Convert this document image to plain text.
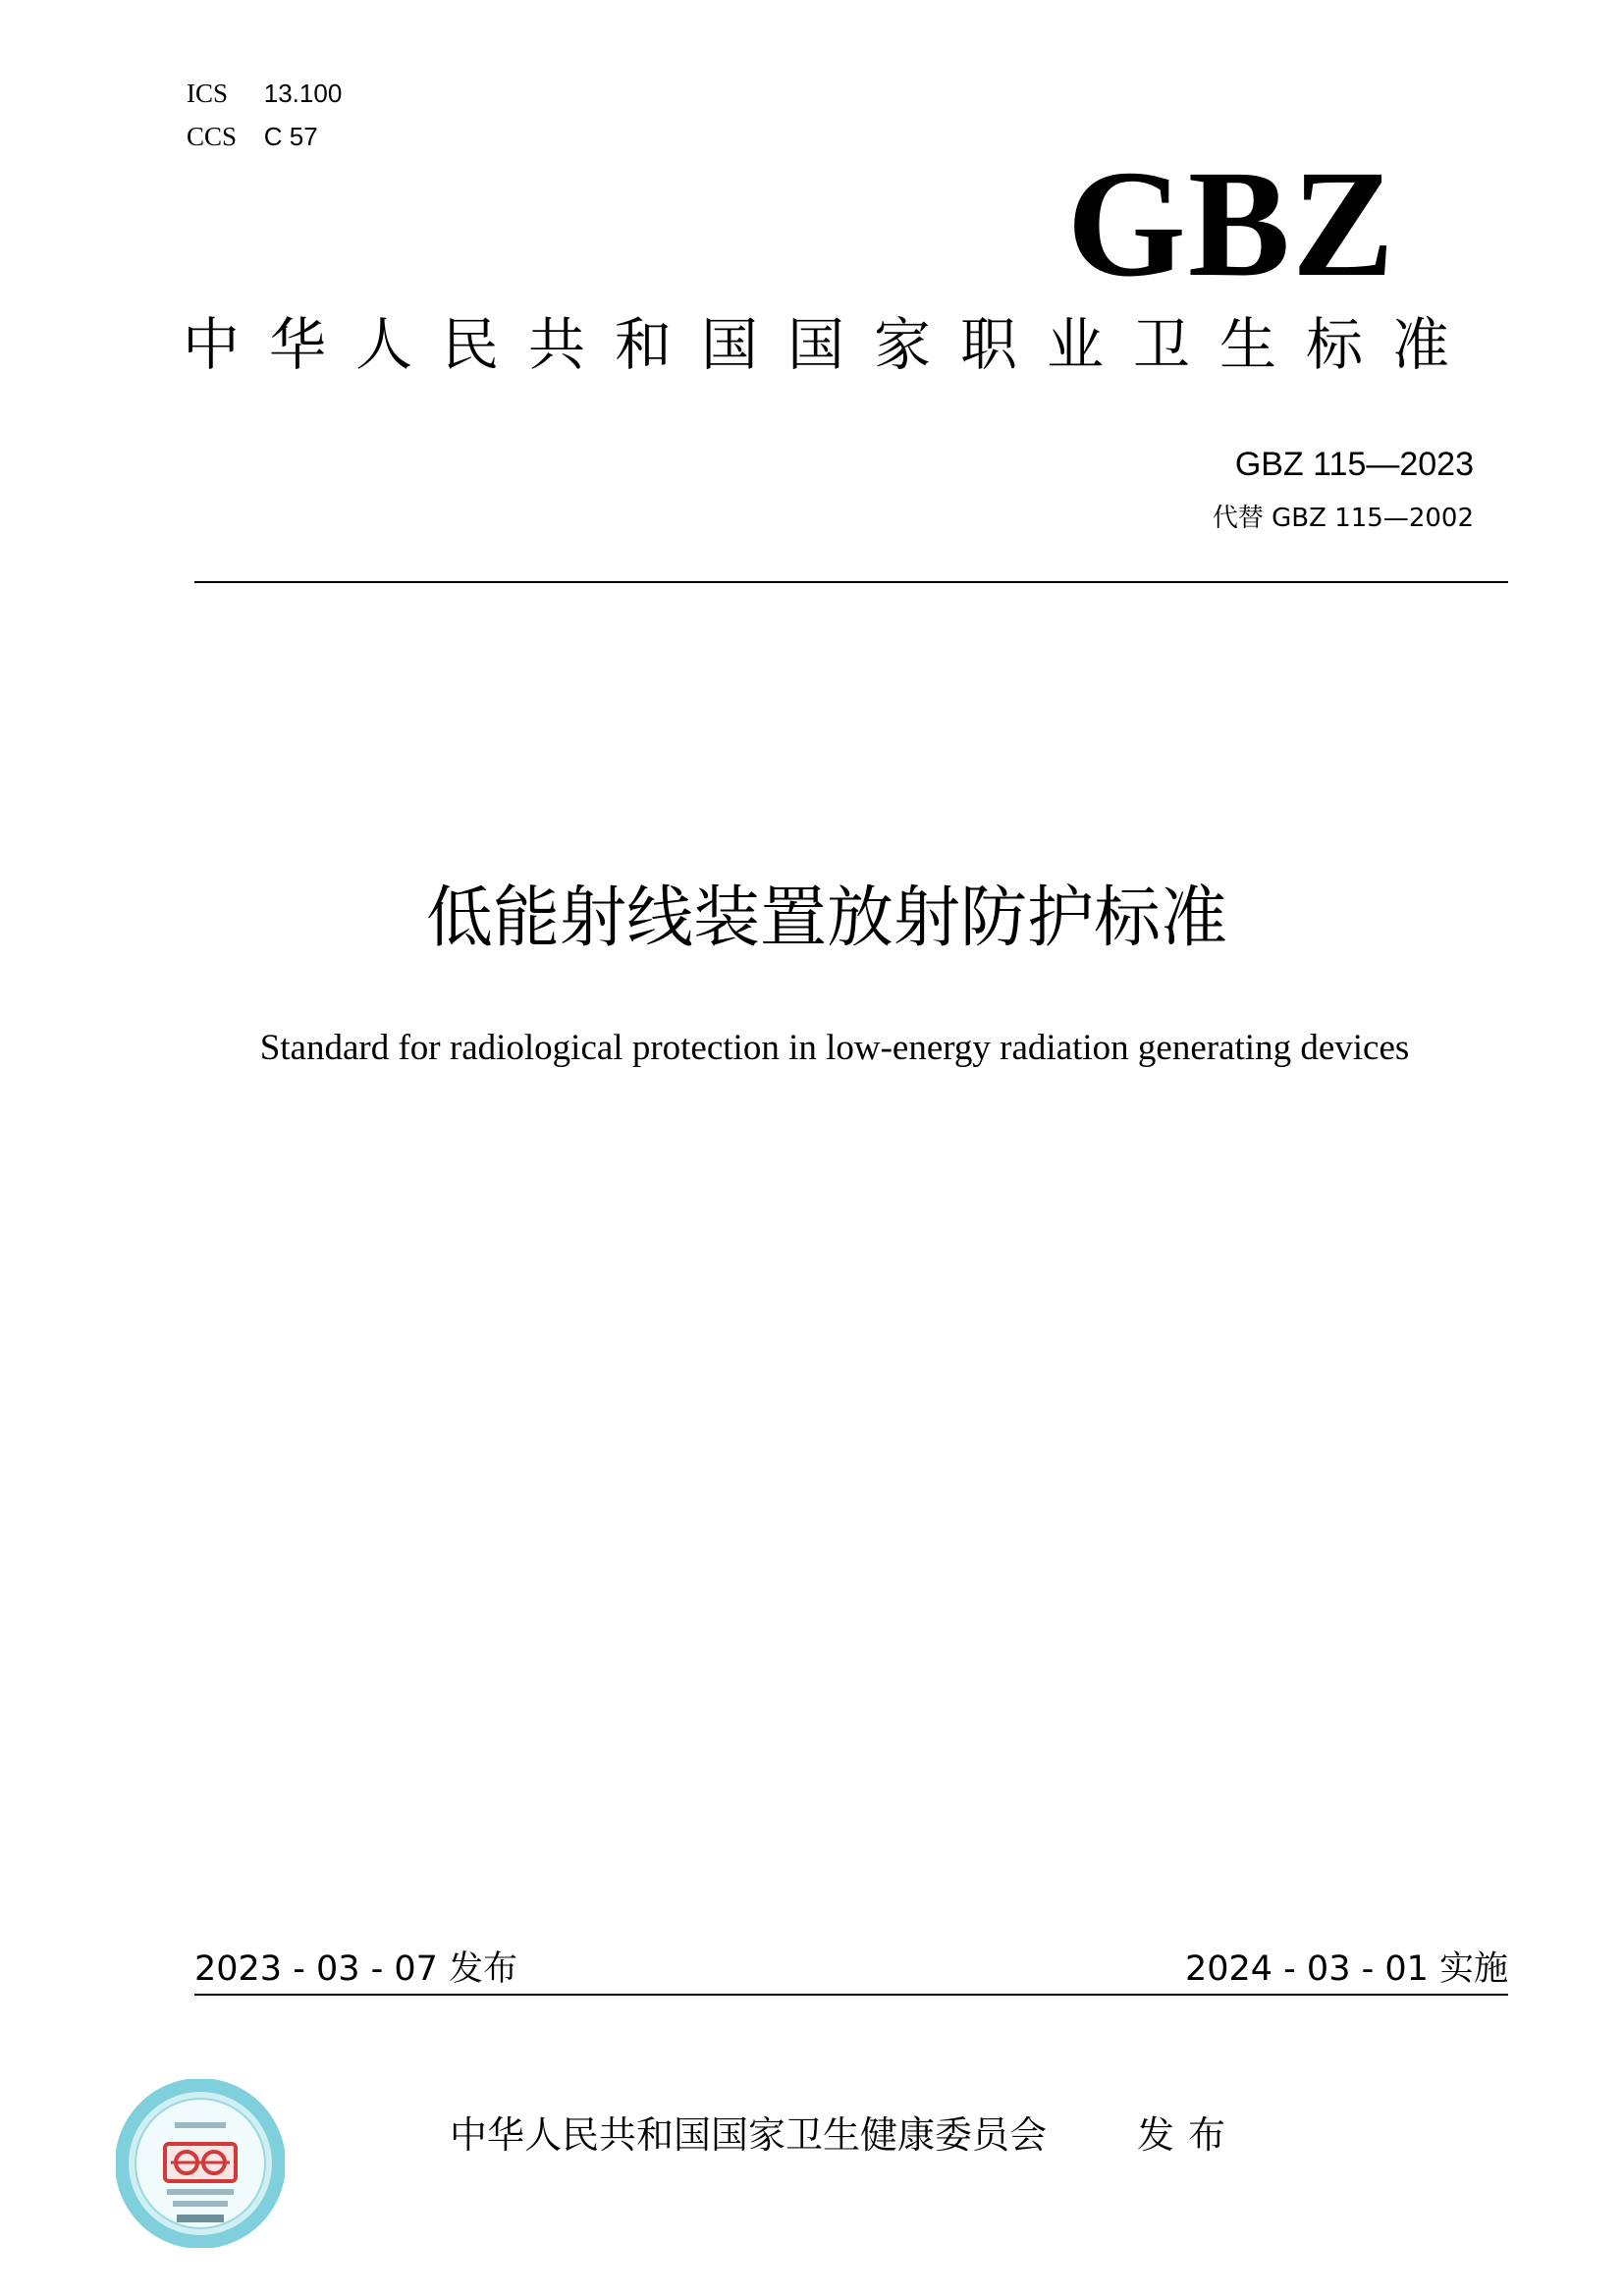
ICS 13.100
CCS C 57
GBZ
中华人民共和国国家职业卫生标准
GBZ 115—2023
代替 GBZ 115—2002
低能射线装置放射防护标准
Standard for radiological protection in low-energy radiation generating devices
2023 - 03 - 07 发布	2024 - 03 - 01 实施
中华人民共和国国家卫生健康委员会 发布
